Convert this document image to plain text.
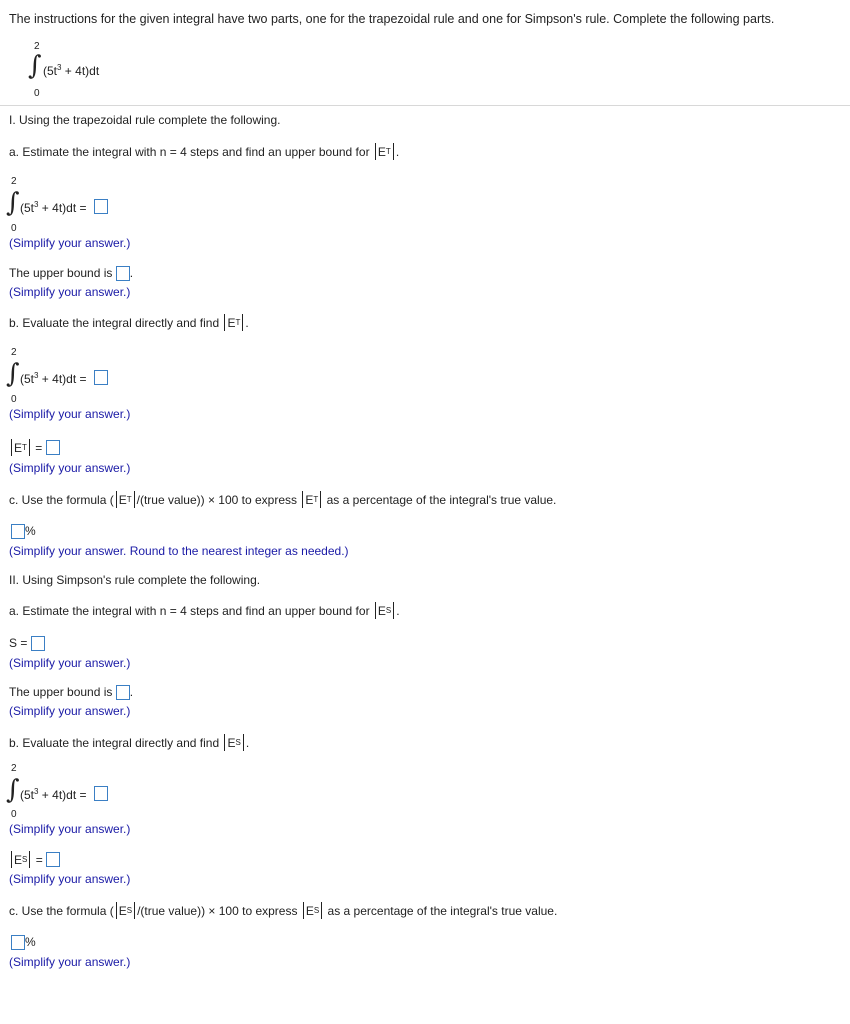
The instructions for the given integral have two parts, one for the trapezoidal rule and one for Simpson's rule. Complete the following parts.
2
∫ $(5t^3 + 4t)dt$
0
I. Using the trapezoidal rule complete the following.
a. Estimate the integral with n = 4 steps and find an upper bound for
E T .
2
∫ $(5t^3 + 4t)dt$ =
0
(Simplify your answer.)
The upper bound is .
(Simplify your answer.)
b. Evaluate the integral directly and find
E T .
2
∫ $(5t^3 + 4t)dt$ =
0
(Simplify your answer.)
E T
=

(Simplify your answer.)
c. Use the formula ( E T /(true value)) × 100 to express
E T
as a percentage of the integral's true value.
%
(Simplify your answer. Round to the nearest integer as needed.)
II. Using Simpson's rule complete the following.
a. Estimate the integral with n = 4 steps and find an upper bound for
E S .
S =
(Simplify your answer.)
The upper bound is .
(Simplify your answer.)
b. Evaluate the integral directly and find
E S .
2
∫ $(5t^3 + 4t)dt$ =
0
(Simplify your answer.)
E S
=

(Simplify your answer.)
c. Use the formula ( E S /(true value)) × 100 to express
E S
as a percentage of the integral's true value.
%
(Simplify your answer.)
